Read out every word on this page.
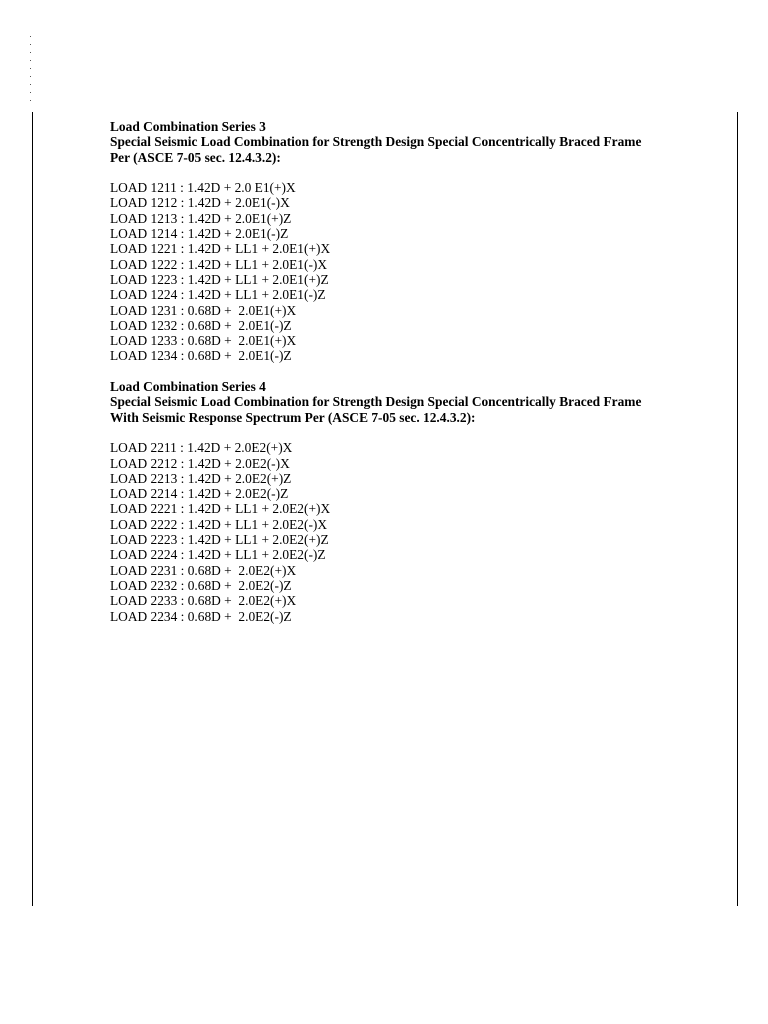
Load Combination Series 3
Special Seismic Load Combination for Strength Design Special Concentrically Braced Frame
Per (ASCE 7-05 sec. 12.4.3.2):
LOAD 1211 : 1.42D + 2.0 E1(+)X
LOAD 1212 : 1.42D + 2.0E1(-)X
LOAD 1213 : 1.42D + 2.0E1(+)Z
LOAD 1214 : 1.42D + 2.0E1(-)Z
LOAD 1221 : 1.42D + LL1 + 2.0E1(+)X
LOAD 1222 : 1.42D + LL1 + 2.0E1(-)X
LOAD 1223 : 1.42D + LL1 + 2.0E1(+)Z
LOAD 1224 : 1.42D + LL1 + 2.0E1(-)Z
LOAD 1231 : 0.68D +  2.0E1(+)X
LOAD 1232 : 0.68D +  2.0E1(-)Z
LOAD 1233 : 0.68D +  2.0E1(+)X
LOAD 1234 : 0.68D +  2.0E1(-)Z
Load Combination Series 4
Special Seismic Load Combination for Strength Design Special Concentrically Braced Frame
With Seismic Response Spectrum Per (ASCE 7-05 sec. 12.4.3.2):
LOAD 2211 : 1.42D + 2.0E2(+)X
LOAD 2212 : 1.42D + 2.0E2(-)X
LOAD 2213 : 1.42D + 2.0E2(+)Z
LOAD 2214 : 1.42D + 2.0E2(-)Z
LOAD 2221 : 1.42D + LL1 + 2.0E2(+)X
LOAD 2222 : 1.42D + LL1 + 2.0E2(-)X
LOAD 2223 : 1.42D + LL1 + 2.0E2(+)Z
LOAD 2224 : 1.42D + LL1 + 2.0E2(-)Z
LOAD 2231 : 0.68D +  2.0E2(+)X
LOAD 2232 : 0.68D +  2.0E2(-)Z
LOAD 2233 : 0.68D +  2.0E2(+)X
LOAD 2234 : 0.68D +  2.0E2(-)Z
